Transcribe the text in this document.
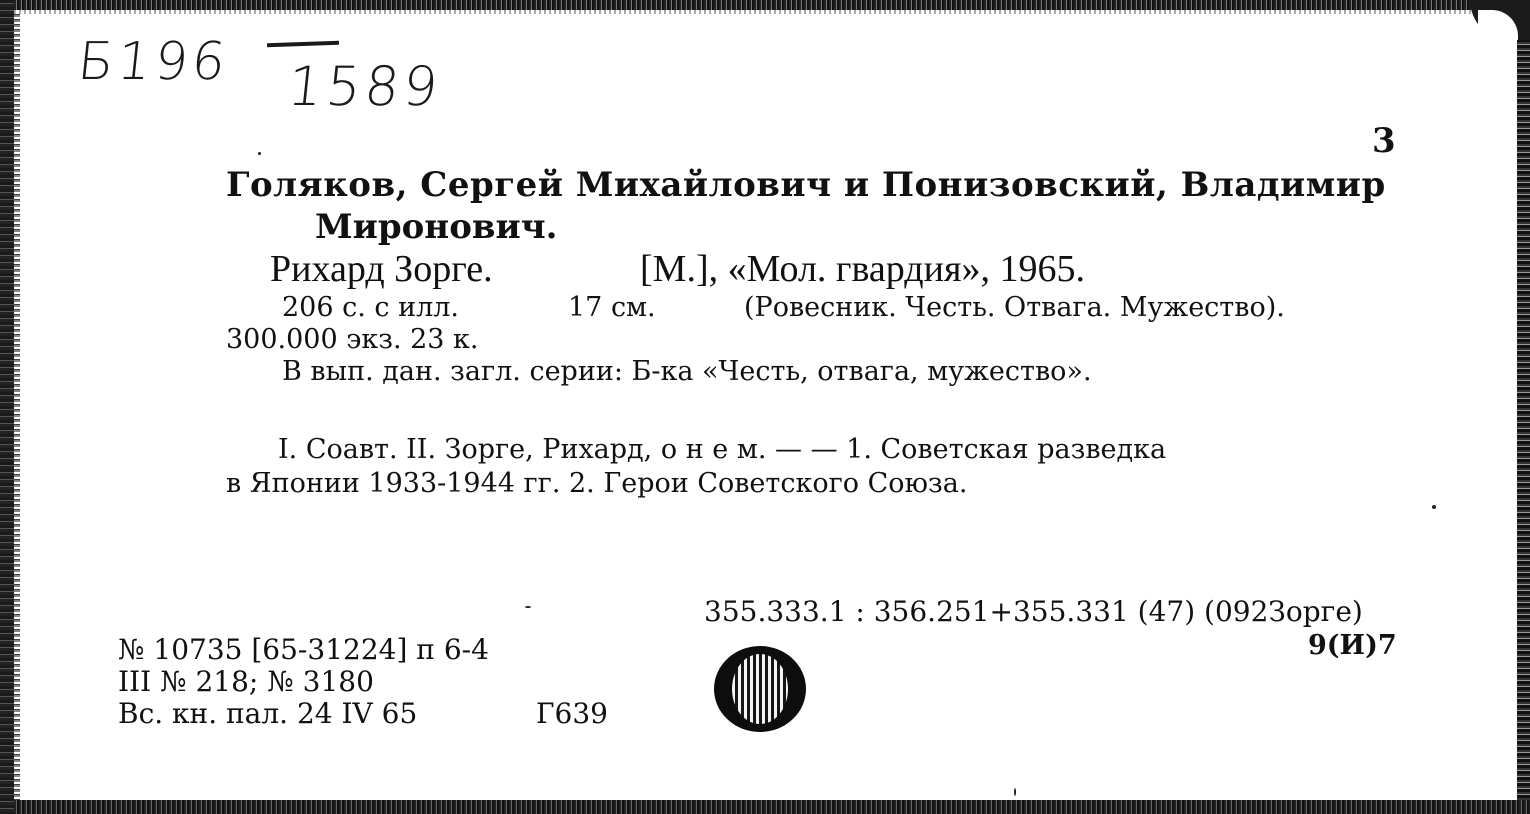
Б196 1589
3
Голяков, Сергей Михайлович и Понизовский, Владимир
Миронович.
Рихард Зорге.	[М.], «Мол. гвардия», 1965.
206 с. с илл.	17 см.	(Ровесник. Честь. Отвага. Мужество).
300.000 экз. 23 к.
В вып. дан. загл. серии: Б-ка «Честь, отвага, мужество».
I. Соавт. II. Зорге, Рихард, о н е м. — — 1. Советская разведка
в Японии 1933-1944 гг. 2. Герои Советского Союза.
355.333.1 : 356.251+355.331 (47) (092Зорге)
9(И)7
№ 10735 [65-31224] п 6-4
III № 218; № 3180
Вс. кн. пал. 24 IV 65	Г639
